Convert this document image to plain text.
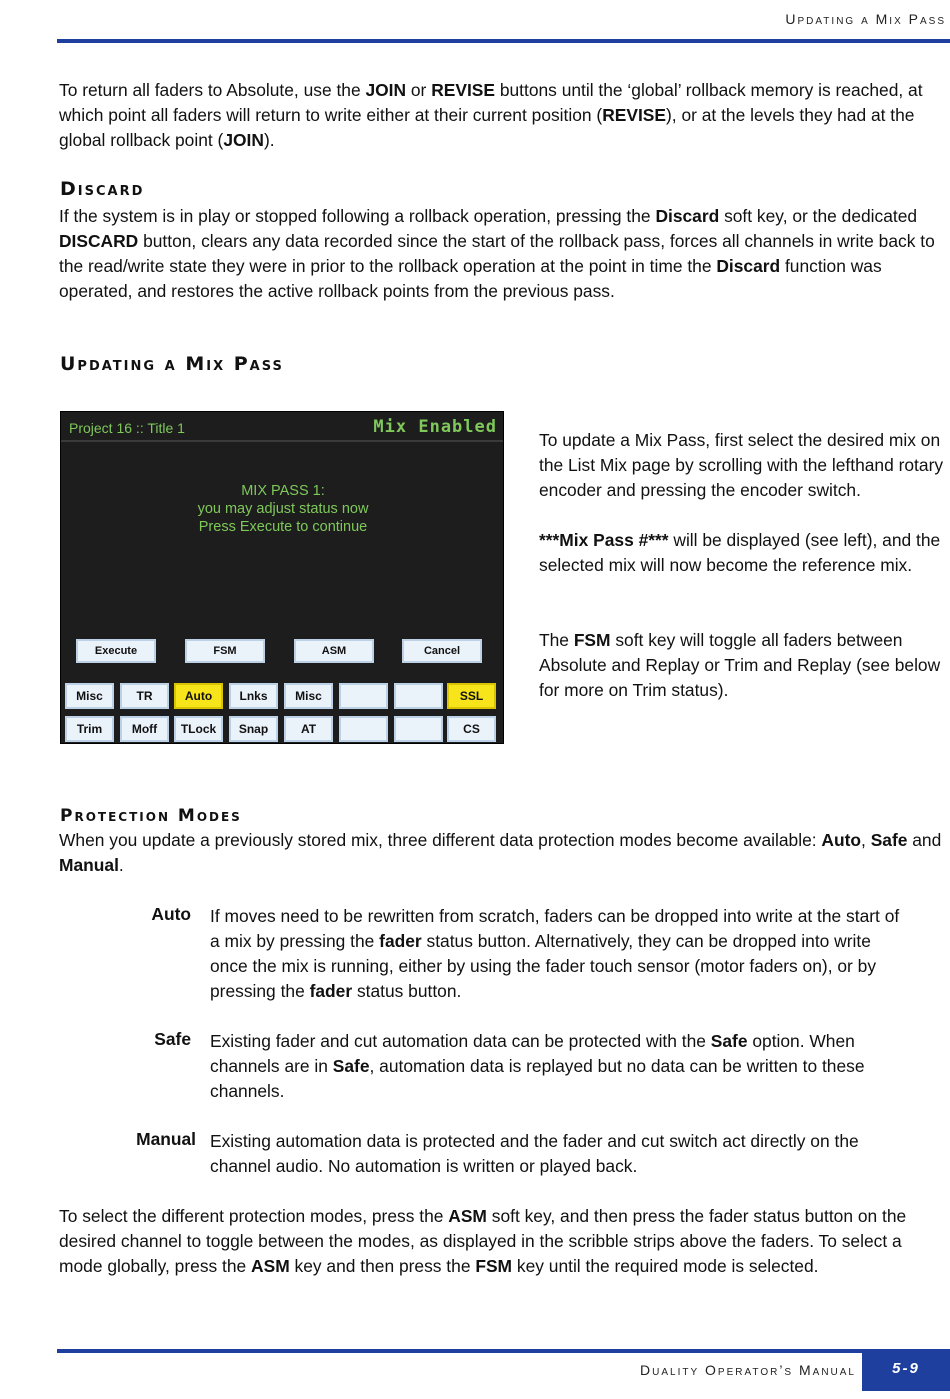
Updating a Mix Pass

To return all faders to Absolute, use the JOIN or REVISE buttons until the ‘global’ rollback memory is reached, at which point all faders will return to write either at their current position (REVISE), or at the levels they had at the global rollback point (JOIN).

Discard

If the system is in play or stopped following a rollback operation, pressing the Discard soft key, or the dedicated DISCARD button, clears any data recorded since the start of the rollback pass, forces all channels in write back to the read/write state they were in prior to the rollback operation at the point in time the Discard function was operated, and restores the active rollback points from the previous pass.

Updating a Mix Pass
Project 16 :: Title 1	Mix Enabled
MIX PASS 1:
you may adjust status now
Press Execute to continue
Execute	FSM	ASM	Cancel
Misc	TR	Auto	Lnks	Misc	SSL
Trim	Moff	TLock	Snap	AT	CS

To update a Mix Pass, first select the desired mix on the List Mix page by scrolling with the lefthand rotary encoder and pressing the encoder switch.

***Mix Pass #*** will be displayed (see left), and the selected mix will now become the reference mix.

The FSM soft key will toggle all faders between Absolute and Replay or Trim and Replay (see below for more on Trim status).

Protection Modes

When you update a previously stored mix, three different data protection modes become available: Auto, Safe and Manual.

Auto If moves need to be rewritten from scratch, faders can be dropped into write at the start of a mix by pressing the fader status button. Alternatively, they can be dropped into write once the mix is running, either by using the fader touch sensor (motor faders on), or by pressing the fader status button.

Safe Existing fader and cut automation data can be protected with the Safe option. When channels are in Safe, automation data is replayed but no data can be written to these channels.

Manual Existing automation data is protected and the fader and cut switch act directly on the channel audio. No automation is written or played back.

To select the different protection modes, press the ASM soft key, and then press the fader status button on the desired channel to toggle between the modes, as displayed in the scribble strips above the faders. To select a mode globally, press the ASM key and then press the FSM key until the required mode is selected.

Duality Operator’s Manual	5-9
